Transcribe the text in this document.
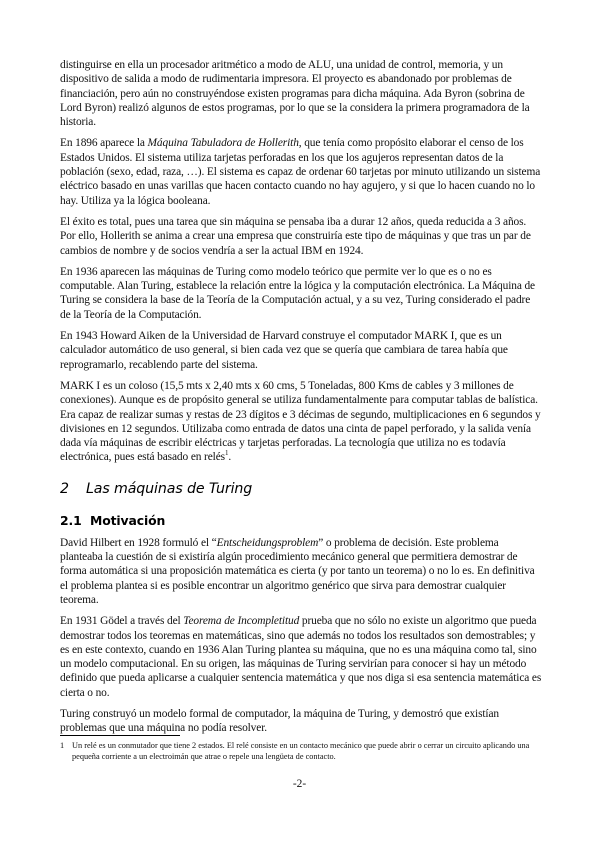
distinguirse en ella un procesador aritmético a modo de ALU, una unidad de control, memoria, y un dispositivo de salida a modo de rudimentaria impresora. El proyecto es abandonado por problemas de financiación, pero aún no construyéndose existen programas para dicha máquina. Ada Byron (sobrina de Lord Byron) realizó algunos de estos programas, por lo que se la considera la primera programadora de la historia.

En 1896 aparece la Máquina Tabuladora de Hollerith, que tenía como propósito elaborar el censo de los Estados Unidos. El sistema utiliza tarjetas perforadas en los que los agujeros representan datos de la población (sexo, edad, raza, …). El sistema es capaz de ordenar 60 tarjetas por minuto utilizando un sistema eléctrico basado en unas varillas que hacen contacto cuando no hay agujero, y si que lo hacen cuando no lo hay. Utiliza ya la lógica booleana.

El éxito es total, pues una tarea que sin máquina se pensaba iba a durar 12 años, queda reducida a 3 años. Por ello, Hollerith se anima a crear una empresa que construiría este tipo de máquinas y que tras un par de cambios de nombre y de socios vendría a ser la actual IBM en 1924.

En 1936 aparecen las máquinas de Turing como modelo teórico que permite ver lo que es o no es computable. Alan Turing, establece la relación entre la lógica y la computación electrónica. La Máquina de Turing se considera la base de la Teoría de la Computación actual, y a su vez, Turing considerado el padre de la Teoría de la Computación.

En 1943 Howard Aiken de la Universidad de Harvard construye el computador MARK I, que es un calculador automático de uso general, si bien cada vez que se quería que cambiara de tarea había que reprogramarlo, recablendo parte del sistema.

MARK I es un coloso (15,5 mts x 2,40 mts x 60 cms, 5 Toneladas, 800 Kms de cables y 3 millones de conexiones). Aunque es de propósito general se utiliza fundamentalmente para computar tablas de balística. Era capaz de realizar sumas y restas de 23 dígitos e 3 décimas de segundo, multiplicaciones en 6 segundos y divisiones en 12 segundos. Utilizaba como entrada de datos una cinta de papel perforado, y la salida venía dada vía máquinas de escribir eléctricas y tarjetas perforadas. La tecnología que utiliza no es todavía electrónica, pues está basado en relés$^1$.

2	Las máquinas de Turing
2.1 Motivación

David Hilbert en 1928 formuló el “Entscheidungsproblem” o problema de decisión. Este problema planteaba la cuestión de si existiría algún procedimiento mecánico general que permitiera demostrar de forma automática si una proposición matemática es cierta (y por tanto un teorema) o no lo es. En definitiva el problema plantea si es posible encontrar un algoritmo genérico que sirva para demostrar cualquier teorema.

En 1931 Gödel a través del Teorema de Incompletitud prueba que no sólo no existe un algoritmo que pueda demostrar todos los teoremas en matemáticas, sino que además no todos los resultados son demostrables; y es en este contexto, cuando en 1936 Alan Turing plantea su máquina, que no es una máquina como tal, sino un modelo computacional. En su origen, las máquinas de Turing servirían para conocer si hay un método definido que pueda aplicarse a cualquier sentencia matemática y que nos diga si esa sentencia matemática es cierta o no.

Turing construyó un modelo formal de computador, la máquina de Turing, y demostró que existían problemas que una máquina no podía resolver.

1 Un relé es un conmutador que tiene 2 estados. El relé consiste en un contacto mecánico que puede abrir o cerrar un circuito aplicando una pequeña corriente a un electroimán que atrae o repele una lengüeta de contacto.
-2-
